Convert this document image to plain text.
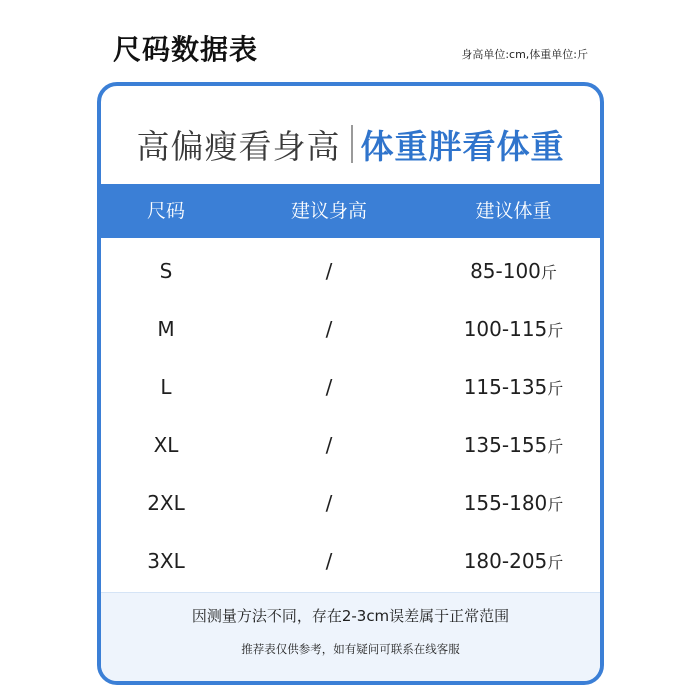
尺码数据表	身高单位:cm,体重单位:斤
高偏瘦看身高 体重胖看体重
尺码	建议身高	建议体重
S	/	85-100斤
M	/	100-115斤
L	/	115-135斤
XL	/	135-155斤
2XL	/	155-180斤
3XL	/	180-205斤
因测量方法不同，存在2-3cm误差属于正常范围
推荐表仅供参考，如有疑问可联系在线客服
